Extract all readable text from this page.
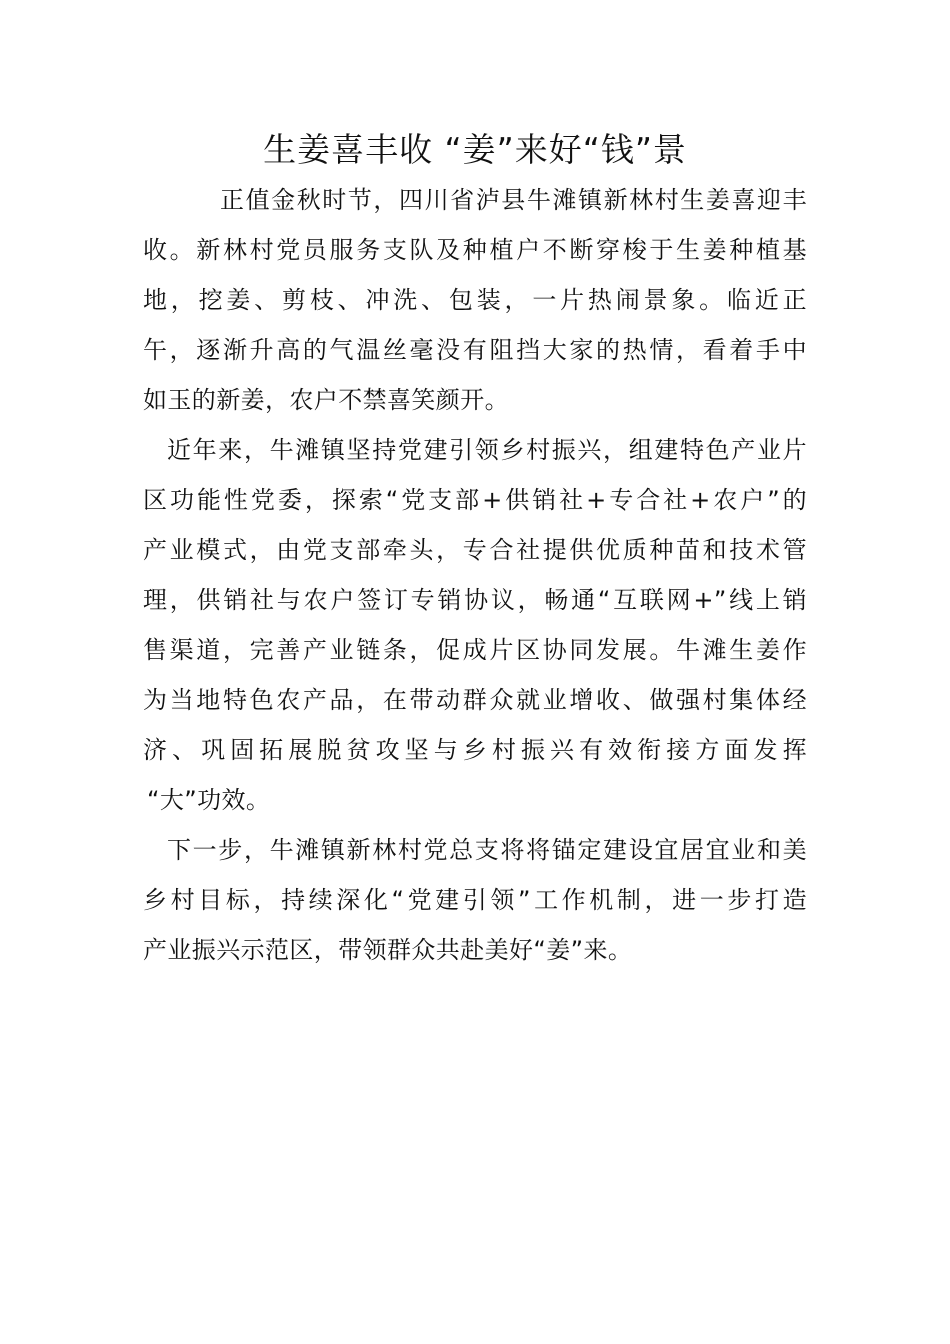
生姜喜丰收 “姜”来好“钱”景

正值金秋时节，四川省泸县牛滩镇新林村生姜喜迎丰

收。新林村党员服务支队及种植户不断穿梭于生姜种植基

地，挖姜、剪枝、冲洗、包装，一片热闹景象。临近正

午，逐渐升高的气温丝毫没有阻挡大家的热情，看着手中

如玉的新姜，农户不禁喜笑颜开。

近年来，牛滩镇坚持党建引领乡村振兴，组建特色产业片

区功能性党委，探索“党支部+供销社+专合社+农户”的

产业模式，由党支部牵头，专合社提供优质种苗和技术管

理，供销社与农户签订专销协议，畅通“互联网+”线上销

售渠道，完善产业链条，促成片区协同发展。牛滩生姜作

为当地特色农产品，在带动群众就业增收、做强村集体经

济、巩固拓展脱贫攻坚与乡村振兴有效衔接方面发挥

“大”功效。

下一步，牛滩镇新林村党总支将将锚定建设宜居宜业和美

乡村目标，持续深化“党建引领”工作机制，进一步打造

产业振兴示范区，带领群众共赴美好“姜”来。
